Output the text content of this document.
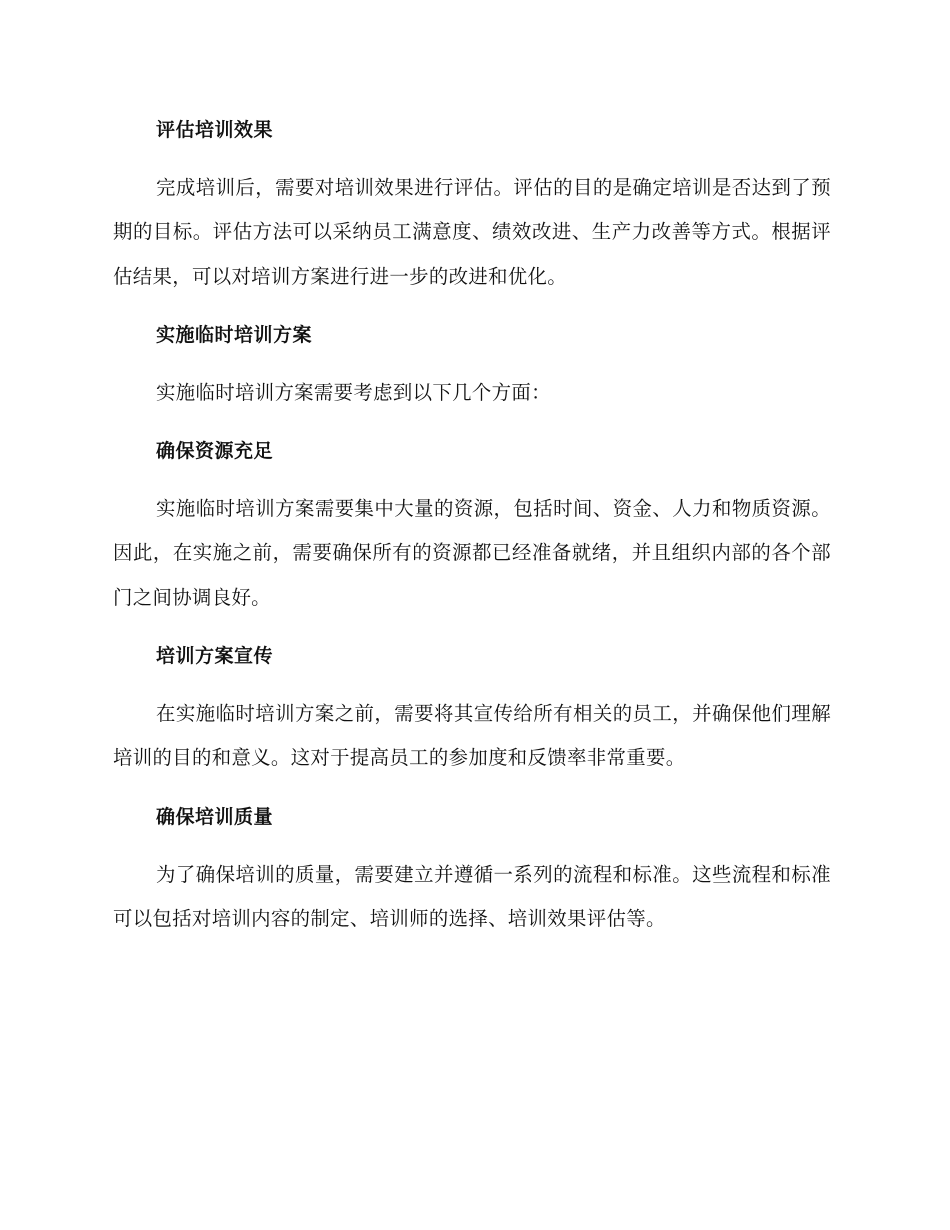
评估培训效果

完成培训后，需要对培训效果进行评估。评估的目的是确定培训是否达到了预期的目标。评估方法可以采纳员工满意度、绩效改进、生产力改善等方式。根据评估结果，可以对培训方案进行进一步的改进和优化。

实施临时培训方案

实施临时培训方案需要考虑到以下几个方面：

确保资源充足

实施临时培训方案需要集中大量的资源，包括时间、资金、人力和物质资源。因此，在实施之前，需要确保所有的资源都已经准备就绪，并且组织内部的各个部门之间协调良好。

培训方案宣传

在实施临时培训方案之前，需要将其宣传给所有相关的员工，并确保他们理解培训的目的和意义。这对于提高员工的参加度和反馈率非常重要。

确保培训质量

为了确保培训的质量，需要建立并遵循一系列的流程和标准。这些流程和标准可以包括对培训内容的制定、培训师的选择、培训效果评估等。
